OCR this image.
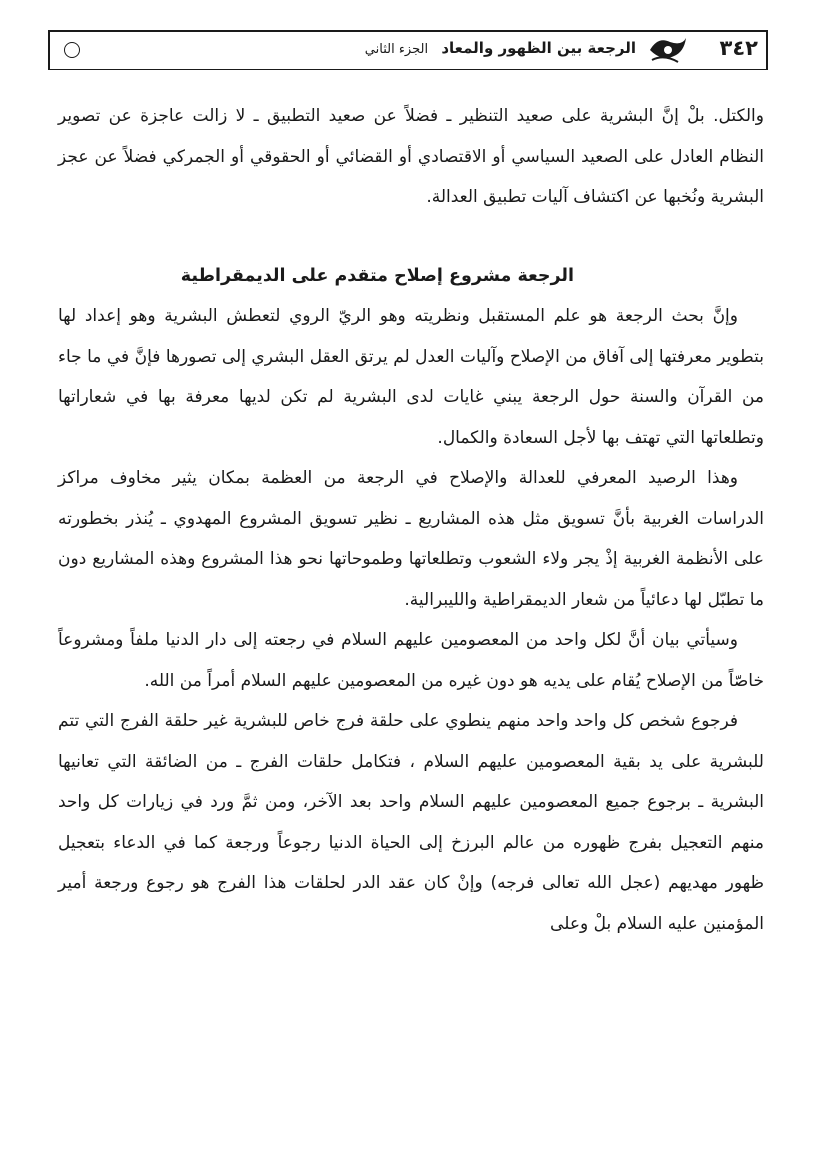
٣٤٢
الرجعة بين الظهور والمعاد الجزء الثاني

والكتل. بلْ إنَّ البشرية على صعيد التنظير ـ فضلاً عن صعيد التطبيق ـ لا زالت عاجزة عن تصوير النظام العادل على الصعيد السياسي أو الاقتصادي أو القضائي أو الحقوقي أو الجمركي فضلاً عن عجز البشرية ونُخبها عن اكتشاف آليات تطبيق العدالة.

الرجعة مشروع إصلاح متقدم على الديمقراطية

وإنَّ بحث الرجعة هو علم المستقبل ونظريته وهو الريّ الروي لتعطش البشرية وهو إعداد لها بتطوير معرفتها إلى آفاق من الإصلاح وآليات العدل لم يرتق العقل البشري إلى تصورها فإنَّ في ما جاء من القرآن والسنة حول الرجعة يبني غايات لدى البشرية لم تكن لديها معرفة بها في شعاراتها وتطلعاتها التي تهتف بها لأجل السعادة والكمال.

وهذا الرصيد المعرفي للعدالة والإصلاح في الرجعة من العظمة بمكان يثير مخاوف مراكز الدراسات الغربية بأنَّ تسويق مثل هذه المشاريع ـ نظير تسويق المشروع المهدوي ـ يُنذر بخطورته على الأنظمة الغربية إذْ يجر ولاء الشعوب وتطلعاتها وطموحاتها نحو هذا المشروع وهذه المشاريع دون ما تطبّل لها دعائياً من شعار الديمقراطية والليبرالية.

وسيأتي بيان أنَّ لكل واحد من المعصومين عليهم السلام في رجعته إلى دار الدنيا ملفاً ومشروعاً خاصّاً من الإصلاح يُقام على يديه هو دون غيره من المعصومين عليهم السلام أمراً من الله.

فرجوع شخص كل واحد واحد منهم ينطوي على حلقة فرج خاص للبشرية غير حلقة الفرج التي تتم للبشرية على يد بقية المعصومين عليهم السلام ، فتكامل حلقات الفرج ـ من الضائقة التي تعانيها البشرية ـ برجوع جميع المعصومين عليهم السلام واحد بعد الآخر، ومن ثمَّ ورد في زيارات كل واحد منهم التعجيل بفرج ظهوره من عالم البرزخ إلى الحياة الدنيا رجوعاً ورجعة كما في الدعاء بتعجيل ظهور مهديهم (عجل الله تعالى فرجه) وإنْ كان عقد الدر لحلقات هذا الفرج هو رجوع ورجعة أمير المؤمنين عليه السلام بلْ وعلى
